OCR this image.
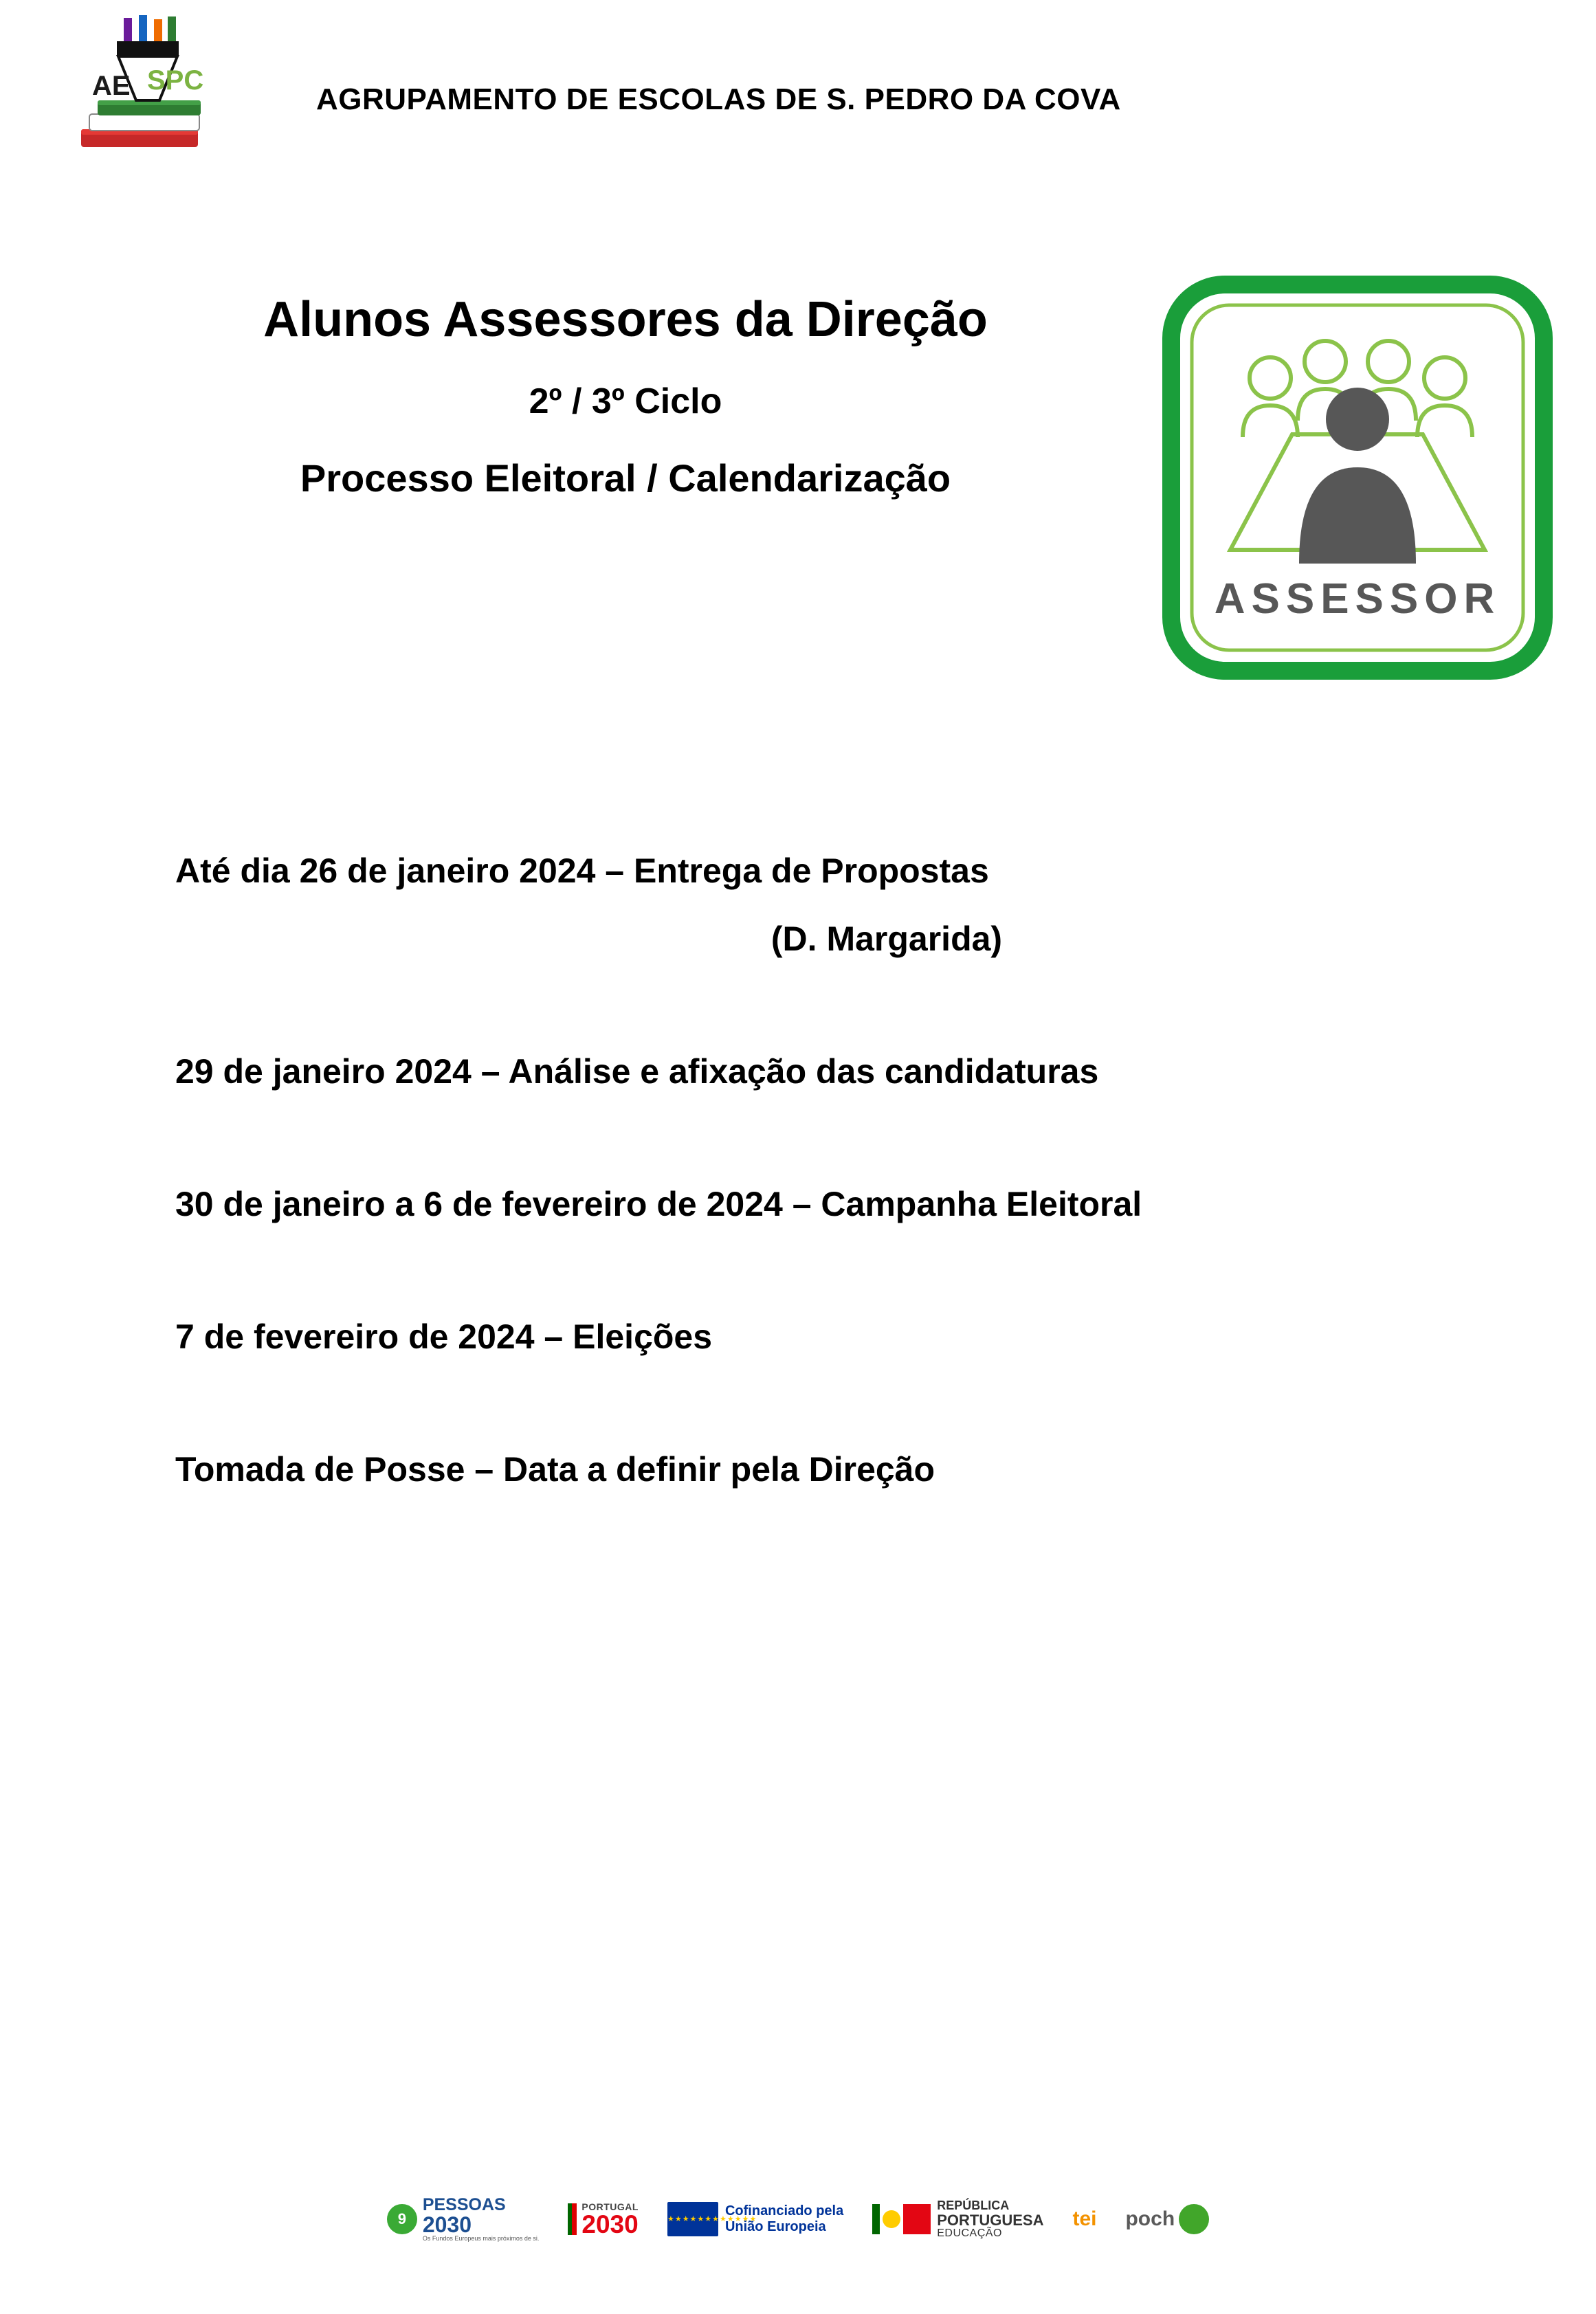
AE SPC
AGRUPAMENTO DE ESCOLAS DE S. PEDRO DA COVA
Alunos Assessores da Direção
2º / 3º Ciclo
Processo Eleitoral / Calendarização
ASSESSOR

Até dia 26 de janeiro 2024 – Entrega de Propostas
(D. Margarida)

29 de janeiro 2024 – Análise e afixação das candidaturas

30 de janeiro a 6 de fevereiro de 2024 – Campanha Eleitoral

7 de fevereiro de 2024 – Eleições

Tomada de Posse – Data a definir pela Direção

9
PESSOAS
2030
Os Fundos Europeus mais próximos de si.
PORTUGAL
2030	★★★★★★★★★★★★
Cofinanciado pela
União Europeia
REPÚBLICA
PORTUGUESA
EDUCAÇÃO
tei poch
